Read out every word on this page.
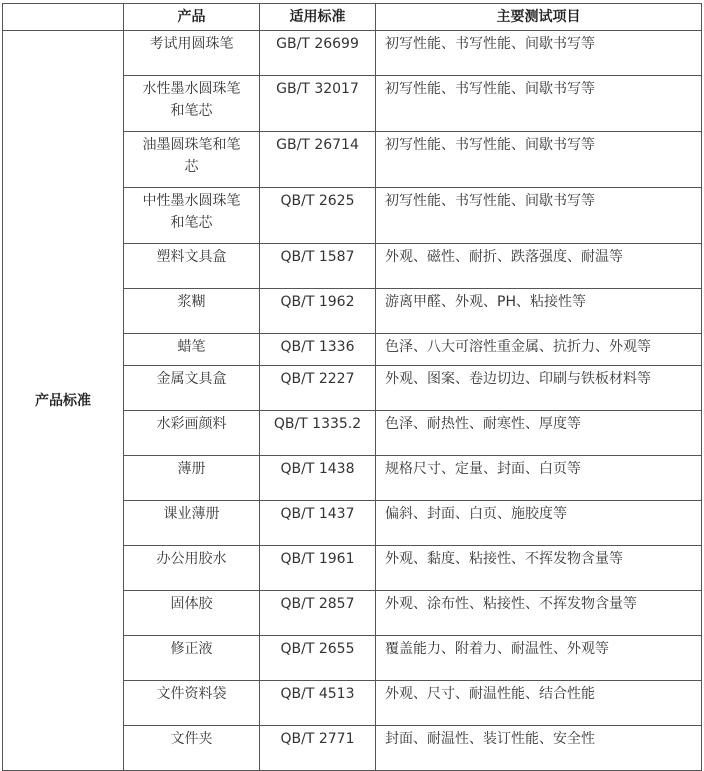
	产品	适用标准	主要测试项目
产品标准	考试用圆珠笔	GB/T 26699	初写性能、书写性能、间歇书写等
	水性墨水圆珠笔和笔芯	GB/T 32017	初写性能、书写性能、间歇书写等
	油墨圆珠笔和笔芯	GB/T 26714	初写性能、书写性能、间歇书写等
	中性墨水圆珠笔和笔芯	QB/T 2625	初写性能、书写性能、间歇书写等
	塑料文具盒	QB/T 1587	外观、磁性、耐折、跌落强度、耐温等
	浆糊	QB/T 1962	游离甲醛、外观、PH、粘接性等
	蜡笔	QB/T 1336	色泽、八大可溶性重金属、抗折力、外观等
	金属文具盒	QB/T 2227	外观、图案、卷边切边、印刷与铁板材料等
	水彩画颜料	QB/T 1335.2	色泽、耐热性、耐寒性、厚度等
	薄册	QB/T 1438	规格尺寸、定量、封面、白页等
	课业薄册	QB/T 1437	偏斜、封面、白页、施胶度等
	办公用胶水	QB/T 1961	外观、黏度、粘接性、不挥发物含量等
	固体胶	QB/T 2857	外观、涂布性、粘接性、不挥发物含量等
	修正液	QB/T 2655	覆盖能力、附着力、耐温性、外观等
	文件资料袋	QB/T 4513	外观、尺寸、耐温性能、结合性能
	文件夹	QB/T 2771	封面、耐温性、装订性能、安全性
